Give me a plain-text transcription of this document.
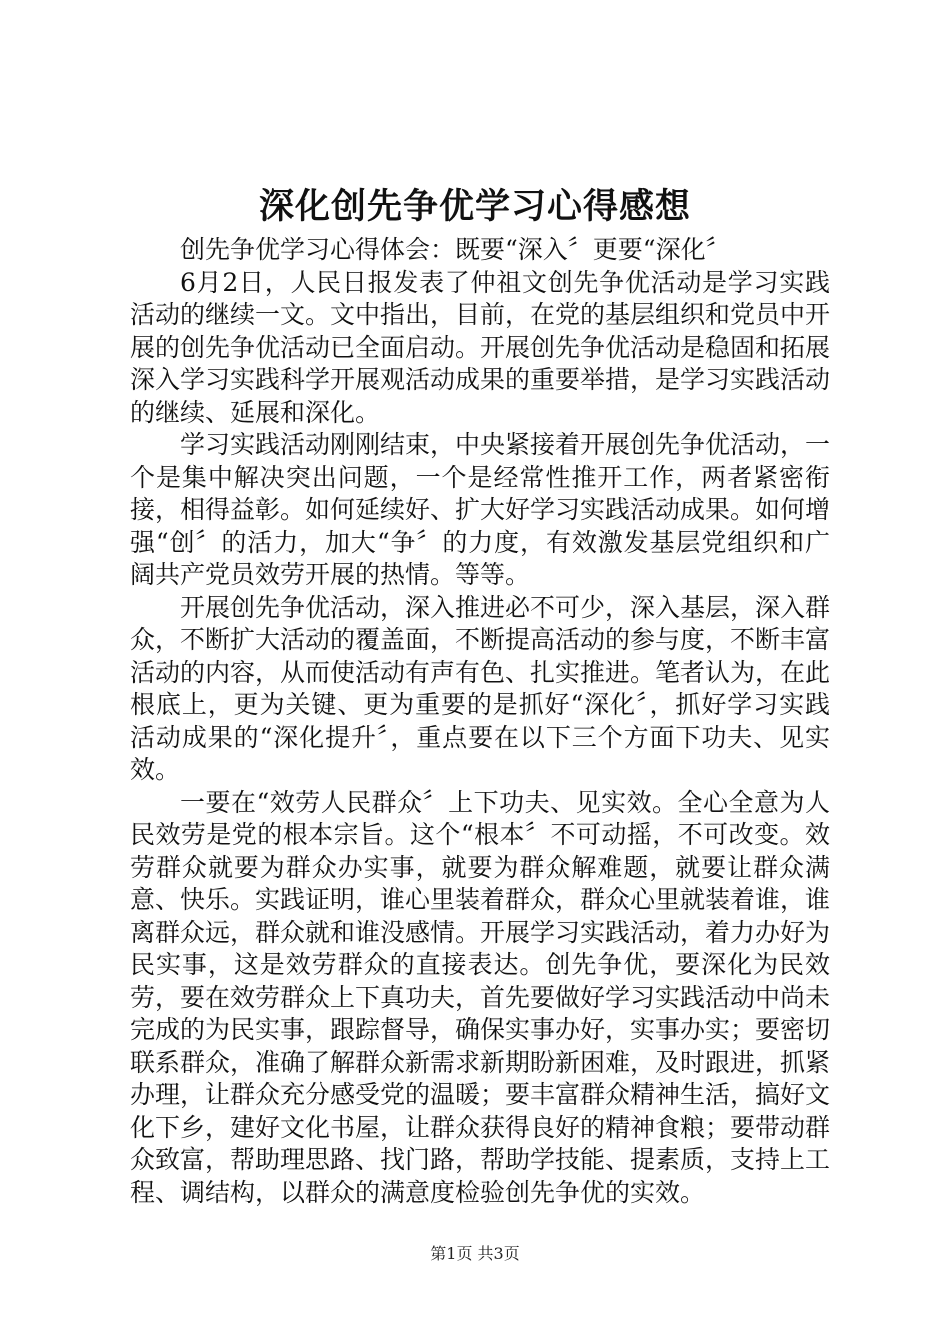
深化创先争优学习心得感想

创先争优学习心得体会：既要“深入〞更要“深化〞

6月2日，人民日报发表了仲祖文创先争优活动是学习实践活动的继续一文。文中指出，目前，在党的基层组织和党员中开展的创先争优活动已全面启动。开展创先争优活动是稳固和拓展深入学习实践科学开展观活动成果的重要举措，是学习实践活动的继续、延展和深化。

学习实践活动刚刚结束，中央紧接着开展创先争优活动，一个是集中解决突出问题，一个是经常性推开工作，两者紧密衔接，相得益彰。如何延续好、扩大好学习实践活动成果。如何增强“创〞的活力，加大“争〞的力度，有效激发基层党组织和广阔共产党员效劳开展的热情。等等。

开展创先争优活动，深入推进必不可少，深入基层，深入群众，不断扩大活动的覆盖面，不断提高活动的参与度，不断丰富活动的内容，从而使活动有声有色、扎实推进。笔者认为，在此根底上，更为关键、更为重要的是抓好“深化〞，抓好学习实践活动成果的“深化提升〞，重点要在以下三个方面下功夫、见实效。

一要在“效劳人民群众〞上下功夫、见实效。全心全意为人民效劳是党的根本宗旨。这个“根本〞不可动摇，不可改变。效劳群众就要为群众办实事，就要为群众解难题，就要让群众满意、快乐。实践证明，谁心里装着群众，群众心里就装着谁，谁离群众远，群众就和谁没感情。开展学习实践活动，着力办好为民实事，这是效劳群众的直接表达。创先争优，要深化为民效劳，要在效劳群众上下真功夫，首先要做好学习实践活动中尚未完成的为民实事，跟踪督导，确保实事办好，实事办实；要密切联系群众，准确了解群众新需求新期盼新困难，及时跟进，抓紧办理，让群众充分感受党的温暖；要丰富群众精神生活，搞好文化下乡，建好文化书屋，让群众获得良好的精神食粮；要带动群众致富，帮助理思路、找门路，帮助学技能、提素质，支持上工程、调结构，以群众的满意度检验创先争优的实效。

第1页 共3页
